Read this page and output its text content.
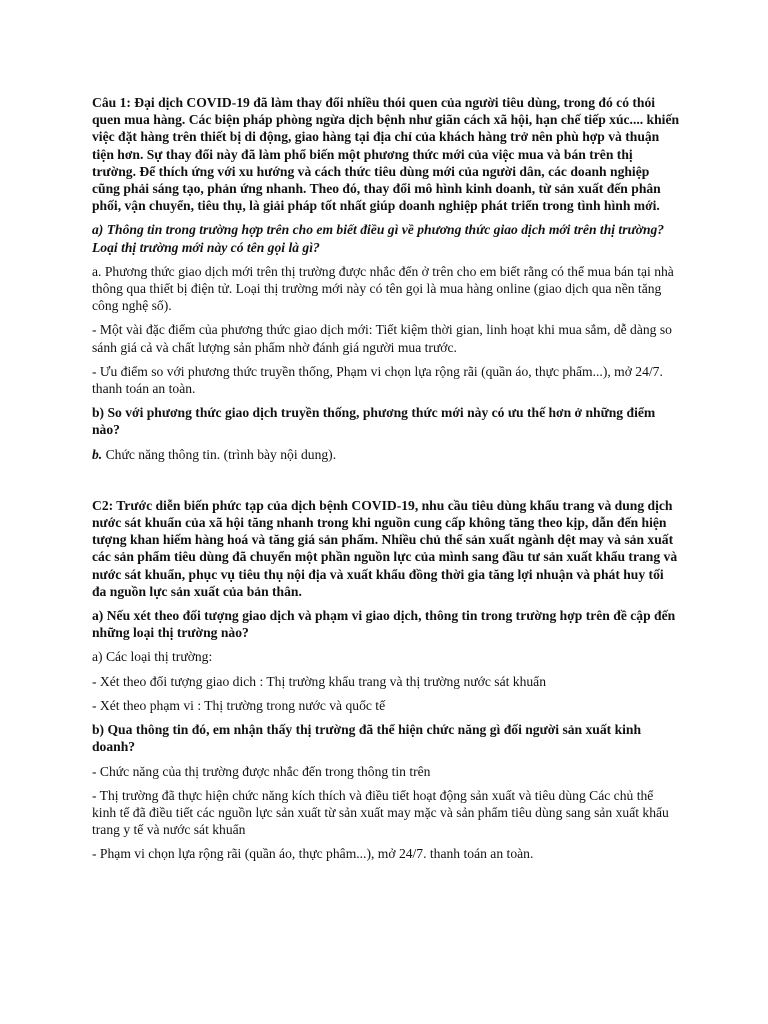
Câu 1: Đại dịch COVID-19 đã làm thay đổi nhiều thói quen của người tiêu dùng, trong đó có thói quen mua hàng. Các biện pháp phòng ngừa dịch bệnh như giãn cách xã hội, hạn chế tiếp xúc.... khiến việc đặt hàng trên thiết bị di động, giao hàng tại địa chỉ của khách hàng trở nên phù hợp và thuận tiện hơn. Sự thay đổi này đã làm phổ biến một phương thức mới của việc mua và bán trên thị trường. Để thích ứng với xu hướng và cách thức tiêu dùng mới của người dân, các doanh nghiệp cũng phải sáng tạo, phản ứng nhanh. Theo đó, thay đổi mô hình kinh doanh, từ sản xuất đến phân phối, vận chuyển, tiêu thụ, là giải pháp tốt nhất giúp doanh nghiệp phát triển trong tình hình mới.

a) Thông tin trong trường hợp trên cho em biết điều gì về phương thức giao dịch mới trên thị trường? Loại thị trường mới này có tên gọi là gì?

a. Phương thức giao dịch mới trên thị trường được nhắc đến ở trên cho em biết rằng có thể mua bán tại nhà thông qua thiết bị điện tử. Loại thị trường mới này có tên gọi là mua hàng online (giao dịch qua nền tăng công nghệ số).

- Một vài đặc điểm của phương thức giao dịch mới: Tiết kiệm thời gian, linh hoạt khi mua sắm, dễ dàng so sánh giá cả và chất lượng sản phẩm nhờ đánh giá người mua trước.

- Ưu điểm so với phương thức truyền thống, Phạm vi chọn lựa rộng rãi (quần áo, thực phẩm...), mở 24/7. thanh toán an toàn.

b) So với phương thức giao dịch truyền thống, phương thức mới này có ưu thế hơn ở những điểm nào?

b. Chức năng thông tin. (trình bày nội dung).

C2: Trước diễn biến phức tạp của dịch bệnh COVID-19, nhu cầu tiêu dùng khẩu trang và dung dịch nước sát khuẩn của xã hội tăng nhanh trong khi nguồn cung cấp không tăng theo kịp, dẫn đến hiện tượng khan hiếm hàng hoá và tăng giá sản phẩm. Nhiều chủ thể sản xuất ngành dệt may và sản xuất các sản phẩm tiêu dùng đã chuyển một phần nguồn lực của mình sang đầu tư sản xuất khẩu trang và nước sát khuẩn, phục vụ tiêu thụ nội địa và xuất khẩu đồng thời gia tăng lợi nhuận và phát huy tối đa nguồn lực sản xuất của bản thân.

a) Nếu xét theo đối tượng giao dịch và phạm vi giao dịch, thông tin trong trường hợp trên đề cập đến những loại thị trường nào?

a) Các loại thị trường:

- Xét theo đối tượng giao dich : Thị trường khẩu trang và thị trường nước sát khuẩn

- Xét theo phạm vi : Thị trường trong nước và quốc tế

b) Qua thông tin đó, em nhận thấy thị trường đã thể hiện chức năng gì đối người sản xuất kinh doanh?

- Chức năng của thị trường được nhắc đến trong thông tin trên

- Thị trường đã thực hiện chức năng kích thích và điều tiết hoạt động sản xuất và tiêu dùng Các chủ thể kinh tế đã điều tiết các nguồn lực sản xuất từ sản xuất may mặc và sản phẩm tiêu dùng sang sản xuất khẩu trang y tế và nước sát khuẩn

- Phạm vi chọn lựa rộng rãi (quần áo, thực phâm...), mở 24/7. thanh toán an toàn.
